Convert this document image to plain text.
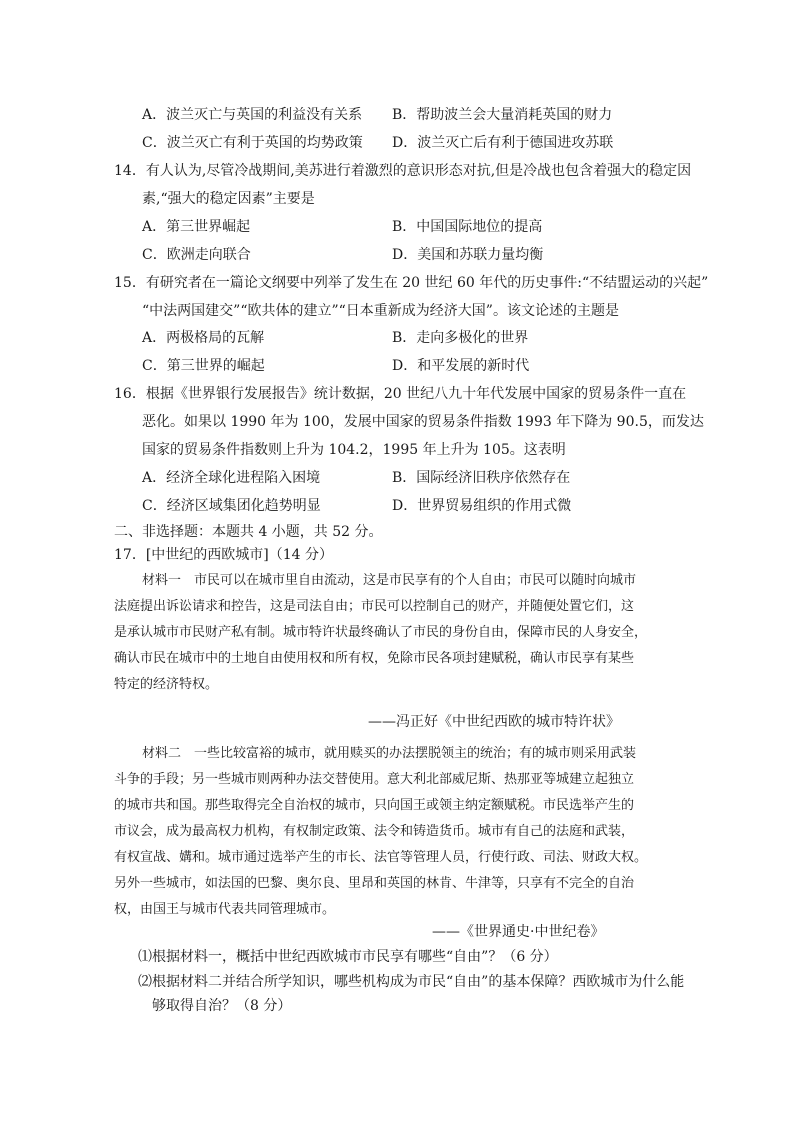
A．波兰灭亡与英国的利益没有关系 B．帮助波兰会大量消耗英国的财力
C．波兰灭亡有利于英国的均势政策 D．波兰灭亡后有利于德国进攻苏联
14．有人认为,尽管冷战期间,美苏进行着激烈的意识形态对抗,但是冷战也包含着强大的稳定因
素,“强大的稳定因素”主要是
A．第三世界崛起	B．中国国际地位的提高
C．欧洲走向联合	D．美国和苏联力量均衡
15．有研究者在一篇论文纲要中列举了发生在 20 世纪 60 年代的历史事件:“不结盟运动的兴起”
“中法两国建交”“欧共体的建立”“日本重新成为经济大国”。该文论述的主题是
A．两极格局的瓦解	B．走向多极化的世界
C．第三世界的崛起	D．和平发展的新时代
16．根据《世界银行发展报告》统计数据，20 世纪八九十年代发展中国家的贸易条件一直在
恶化。如果以 1990 年为 100，发展中国家的贸易条件指数 1993 年下降为 90.5，而发达
国家的贸易条件指数则上升为 104.2，1995 年上升为 105。这表明
A．经济全球化进程陷入困境	B．国际经济旧秩序依然存在
C．经济区域集团化趋势明显	D．世界贸易组织的作用式微
二、非选择题：本题共 4 小题，共 52 分。
17．[中世纪的西欧城市]（14 分）
材料一　市民可以在城市里自由流动，这是市民享有的个人自由；市民可以随时向城市
法庭提出诉讼请求和控告，这是司法自由；市民可以控制自己的财产，并随便处置它们，这
是承认城市市民财产私有制。城市特许状最终确认了市民的身份自由，保障市民的人身安全，
确认市民在城市中的土地自由使用权和所有权，免除市民各项封建赋税，确认市民享有某些
特定的经济特权。
——冯正好《中世纪西欧的城市特许状》
材料二　一些比较富裕的城市，就用赎买的办法摆脱领主的统治；有的城市则采用武装
斗争的手段；另一些城市则两种办法交替使用。意大利北部威尼斯、热那亚等城建立起独立
的城市共和国。那些取得完全自治权的城市，只向国王或领主纳定额赋税。市民选举产生的
市议会，成为最高权力机构，有权制定政策、法令和铸造货币。城市有自己的法庭和武装，
有权宣战、媾和。城市通过选举产生的市长、法官等管理人员，行使行政、司法、财政大权。
另外一些城市，如法国的巴黎、奥尔良、里昂和英国的林肯、牛津等，只享有不完全的自治
权，由国王与城市代表共同管理城市。
——《世界通史·中世纪卷》
⑴根据材料一，概括中世纪西欧城市市民享有哪些“自由”？（6 分）
⑵根据材料二并结合所学知识，哪些机构成为市民“自由”的基本保障？西欧城市为什么能
够取得自治？（8 分）
